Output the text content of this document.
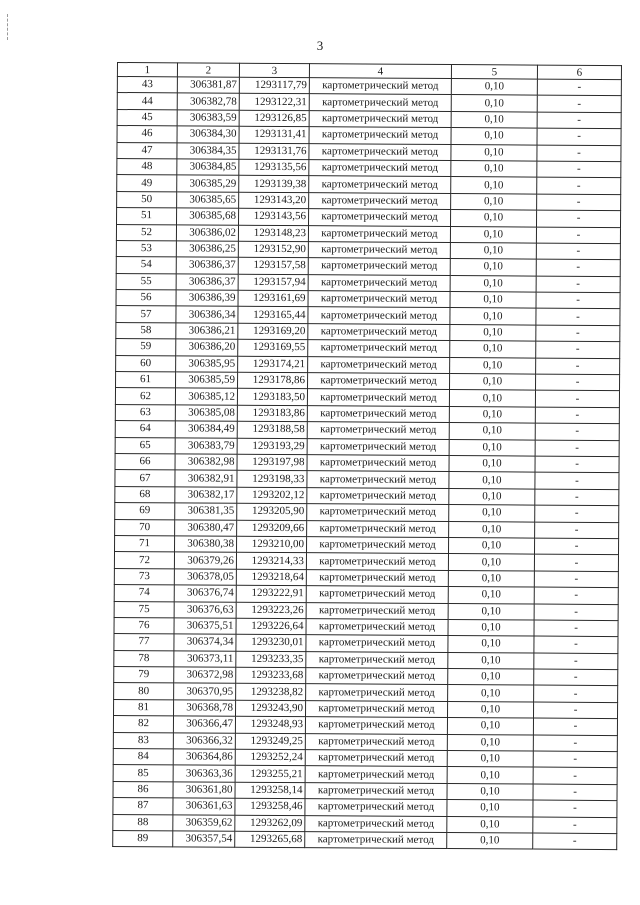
3
1	2	3	4	5	6
43	306381,87	1293117,79	картометрический метод	0,10	-
44	306382,78	1293122,31	картометрический метод	0,10	-
45	306383,59	1293126,85	картометрический метод	0,10	-
46	306384,30	1293131,41	картометрический метод	0,10	-
47	306384,35	1293131,76	картометрический метод	0,10	-
48	306384,85	1293135,56	картометрический метод	0,10	-
49	306385,29	1293139,38	картометрический метод	0,10	-
50	306385,65	1293143,20	картометрический метод	0,10	-
51	306385,68	1293143,56	картометрический метод	0,10	-
52	306386,02	1293148,23	картометрический метод	0,10	-
53	306386,25	1293152,90	картометрический метод	0,10	-
54	306386,37	1293157,58	картометрический метод	0,10	-
55	306386,37	1293157,94	картометрический метод	0,10	-
56	306386,39	1293161,69	картометрический метод	0,10	-
57	306386,34	1293165,44	картометрический метод	0,10	-
58	306386,21	1293169,20	картометрический метод	0,10	-
59	306386,20	1293169,55	картометрический метод	0,10	-
60	306385,95	1293174,21	картометрический метод	0,10	-
61	306385,59	1293178,86	картометрический метод	0,10	-
62	306385,12	1293183,50	картометрический метод	0,10	-
63	306385,08	1293183,86	картометрический метод	0,10	-
64	306384,49	1293188,58	картометрический метод	0,10	-
65	306383,79	1293193,29	картометрический метод	0,10	-
66	306382,98	1293197,98	картометрический метод	0,10	-
67	306382,91	1293198,33	картометрический метод	0,10	-
68	306382,17	1293202,12	картометрический метод	0,10	-
69	306381,35	1293205,90	картометрический метод	0,10	-
70	306380,47	1293209,66	картометрический метод	0,10	-
71	306380,38	1293210,00	картометрический метод	0,10	-
72	306379,26	1293214,33	картометрический метод	0,10	-
73	306378,05	1293218,64	картометрический метод	0,10	-
74	306376,74	1293222,91	картометрический метод	0,10	-
75	306376,63	1293223,26	картометрический метод	0,10	-
76	306375,51	1293226,64	картометрический метод	0,10	-
77	306374,34	1293230,01	картометрический метод	0,10	-
78	306373,11	1293233,35	картометрический метод	0,10	-
79	306372,98	1293233,68	картометрический метод	0,10	-
80	306370,95	1293238,82	картометрический метод	0,10	-
81	306368,78	1293243,90	картометрический метод	0,10	-
82	306366,47	1293248,93	картометрический метод	0,10	-
83	306366,32	1293249,25	картометрический метод	0,10	-
84	306364,86	1293252,24	картометрический метод	0,10	-
85	306363,36	1293255,21	картометрический метод	0,10	-
86	306361,80	1293258,14	картометрический метод	0,10	-
87	306361,63	1293258,46	картометрический метод	0,10	-
88	306359,62	1293262,09	картометрический метод	0,10	-
89	306357,54	1293265,68	картометрический метод	0,10	-
